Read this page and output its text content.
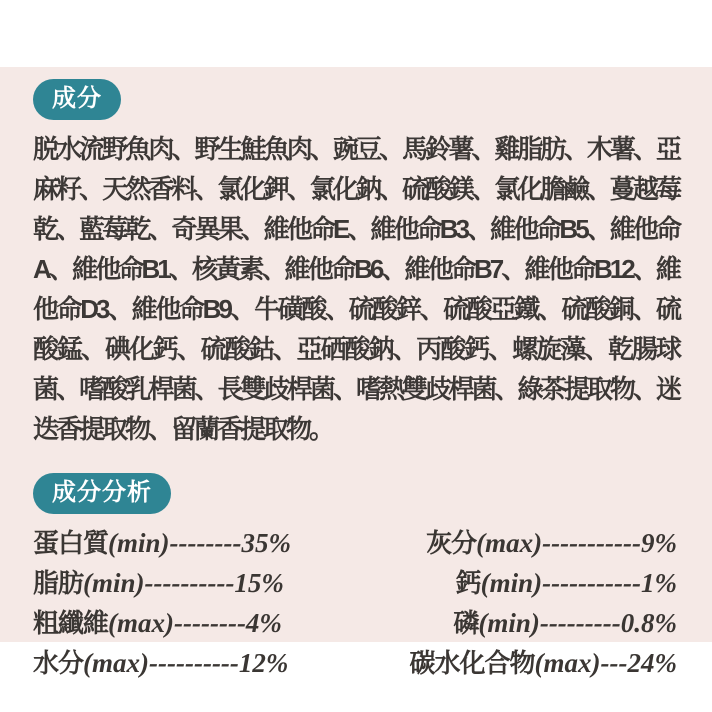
成分

脱水流野魚肉、野生鮭魚肉、豌豆、馬鈴薯、雞脂肪、木薯、亞麻籽、天然香料、氯化鉀、氯化鈉、硫酸鎂、氯化膽鹼、蔓越莓乾、藍莓乾、奇異果、維他命E、維他命B3、維他命B5、維他命A、維他命B1、核黃素、維他命B6、維他命B7、維他命B12、維他命D3、維他命B9、牛磺酸、硫酸鋅、硫酸亞鐵、硫酸銅、硫酸錳、碘化鈣、硫酸鈷、亞硒酸鈉、丙酸鈣、螺旋藻、乾腸球菌、嗜酸乳桿菌、長雙歧桿菌、嗜熱雙歧桿菌、綠茶提取物、迷迭香提取物、留蘭香提取物。

成分分析
蛋白質(min)--------35%	灰分(max)-----------9%
脂肪(min)----------15%	鈣(min)-----------1%
粗纖維(max)--------4%	磷(min)---------0.8%
水分(max)----------12%	碳水化合物(max)---24%
